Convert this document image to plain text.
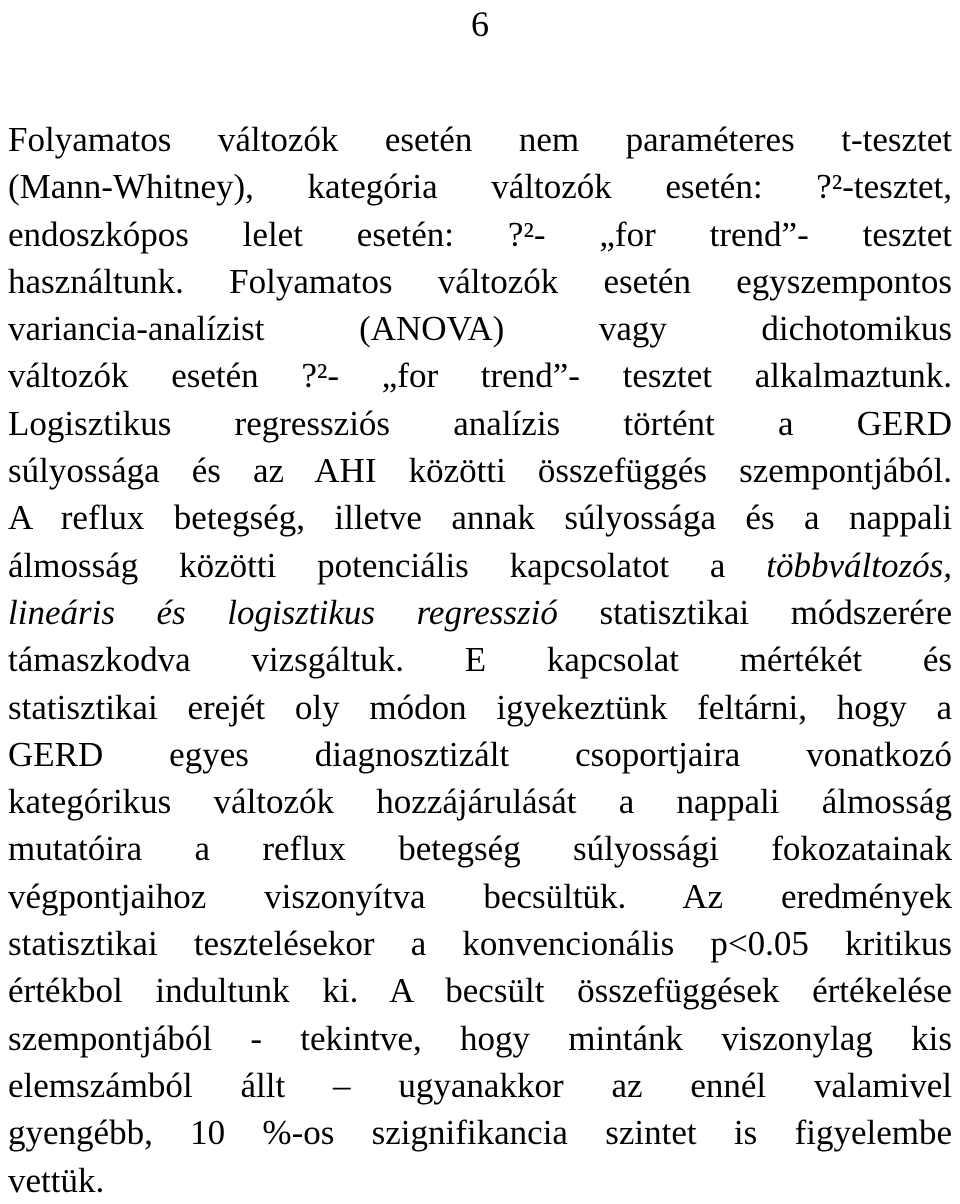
6
Folyamatos változók esetén nem paraméteres t-tesztet
(Mann-Whitney), kategória változók esetén: ?²-tesztet,
endoszkópos lelet esetén: ?²- „for trend”- tesztet
használtunk. Folyamatos változók esetén egyszempontos
variancia-analízist (ANOVA) vagy dichotomikus
változók esetén ?²- „for trend”- tesztet alkalmaztunk.
Logisztikus regressziós analízis történt a GERD
súlyossága és az AHI közötti összefüggés szempontjából.
A reflux betegség, illetve annak súlyossága és a nappali
álmosság közötti potenciális kapcsolatot a többváltozós,
lineáris és logisztikus regresszió statisztikai módszerére
támaszkodva vizsgáltuk. E kapcsolat mértékét és
statisztikai erejét oly módon igyekeztünk feltárni, hogy a
GERD egyes diagnosztizált csoportjaira vonatkozó
kategórikus változók hozzájárulását a nappali álmosság
mutatóira a reflux betegség súlyossági fokozatainak
végpontjaihoz viszonyítva becsültük. Az eredmények
statisztikai tesztelésekor a konvencionális p<0.05 kritikus
értékbol indultunk ki. A becsült összefüggések értékelése
szempontjából - tekintve, hogy mintánk viszonylag kis
elemszámból állt – ugyanakkor az ennél valamivel
gyengébb, 10 %-os szignifikancia szintet is figyelembe
vettük.
